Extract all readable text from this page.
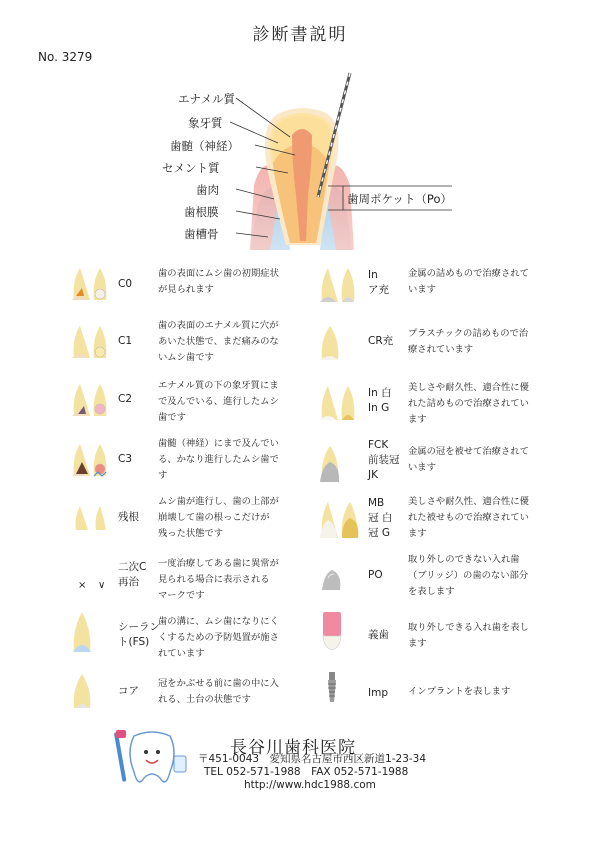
診断書説明
No. 3279
エナメル質
象牙質
歯髄（神経）
セメント質
歯肉
歯根膜
歯槽骨
歯周ポケット（Po）
C0
歯の表面にムシ歯の初期症状
が見られます
C1
歯の表面のエナメル質に穴が
あいた状態で、まだ痛みのな
いムシ歯です
C2
エナメル質の下の象牙質にま
で及んでいる、進行したムシ
歯です
C3
歯髄（神経）にまで及んでい
る、かなり進行したムシ歯で
す
残根
ムシ歯が進行し、歯の上部が
崩壊して歯の根っこだけが
残った状態です
× ∨
二次C
再治
一度治療してある歯に異常が
見られる場合に表示される
マークです
シーラン
ト(FS)
歯の溝に、ムシ歯になりにく
くするための予防処置が施さ
れています
コア
冠をかぶせる前に歯の中に入
れる、土台の状態です
In
ア充
金属の詰めもので治療されて
います
CR充
プラスチックの詰めもので治
療されています
In 白
In G
美しさや耐久性、適合性に優
れた詰めもので治療されてい
ます
FCK
前装冠
JK
金属の冠を被せて治療されて
います
MB
冠 白
冠 G
美しさや耐久性、適合性に優
れた被せもので治療されてい
ます
PO
取り外しのできない入れ歯
（ブリッジ）の歯のない部分
を表します
義歯
取り外しできる入れ歯を表し
ます
Imp インプラントを表します
長谷川歯科医院
〒451-0043　愛知県名古屋市西区新道1-23-34
TEL 052-571-1988　FAX 052-571-1988
http://www.hdc1988.com
